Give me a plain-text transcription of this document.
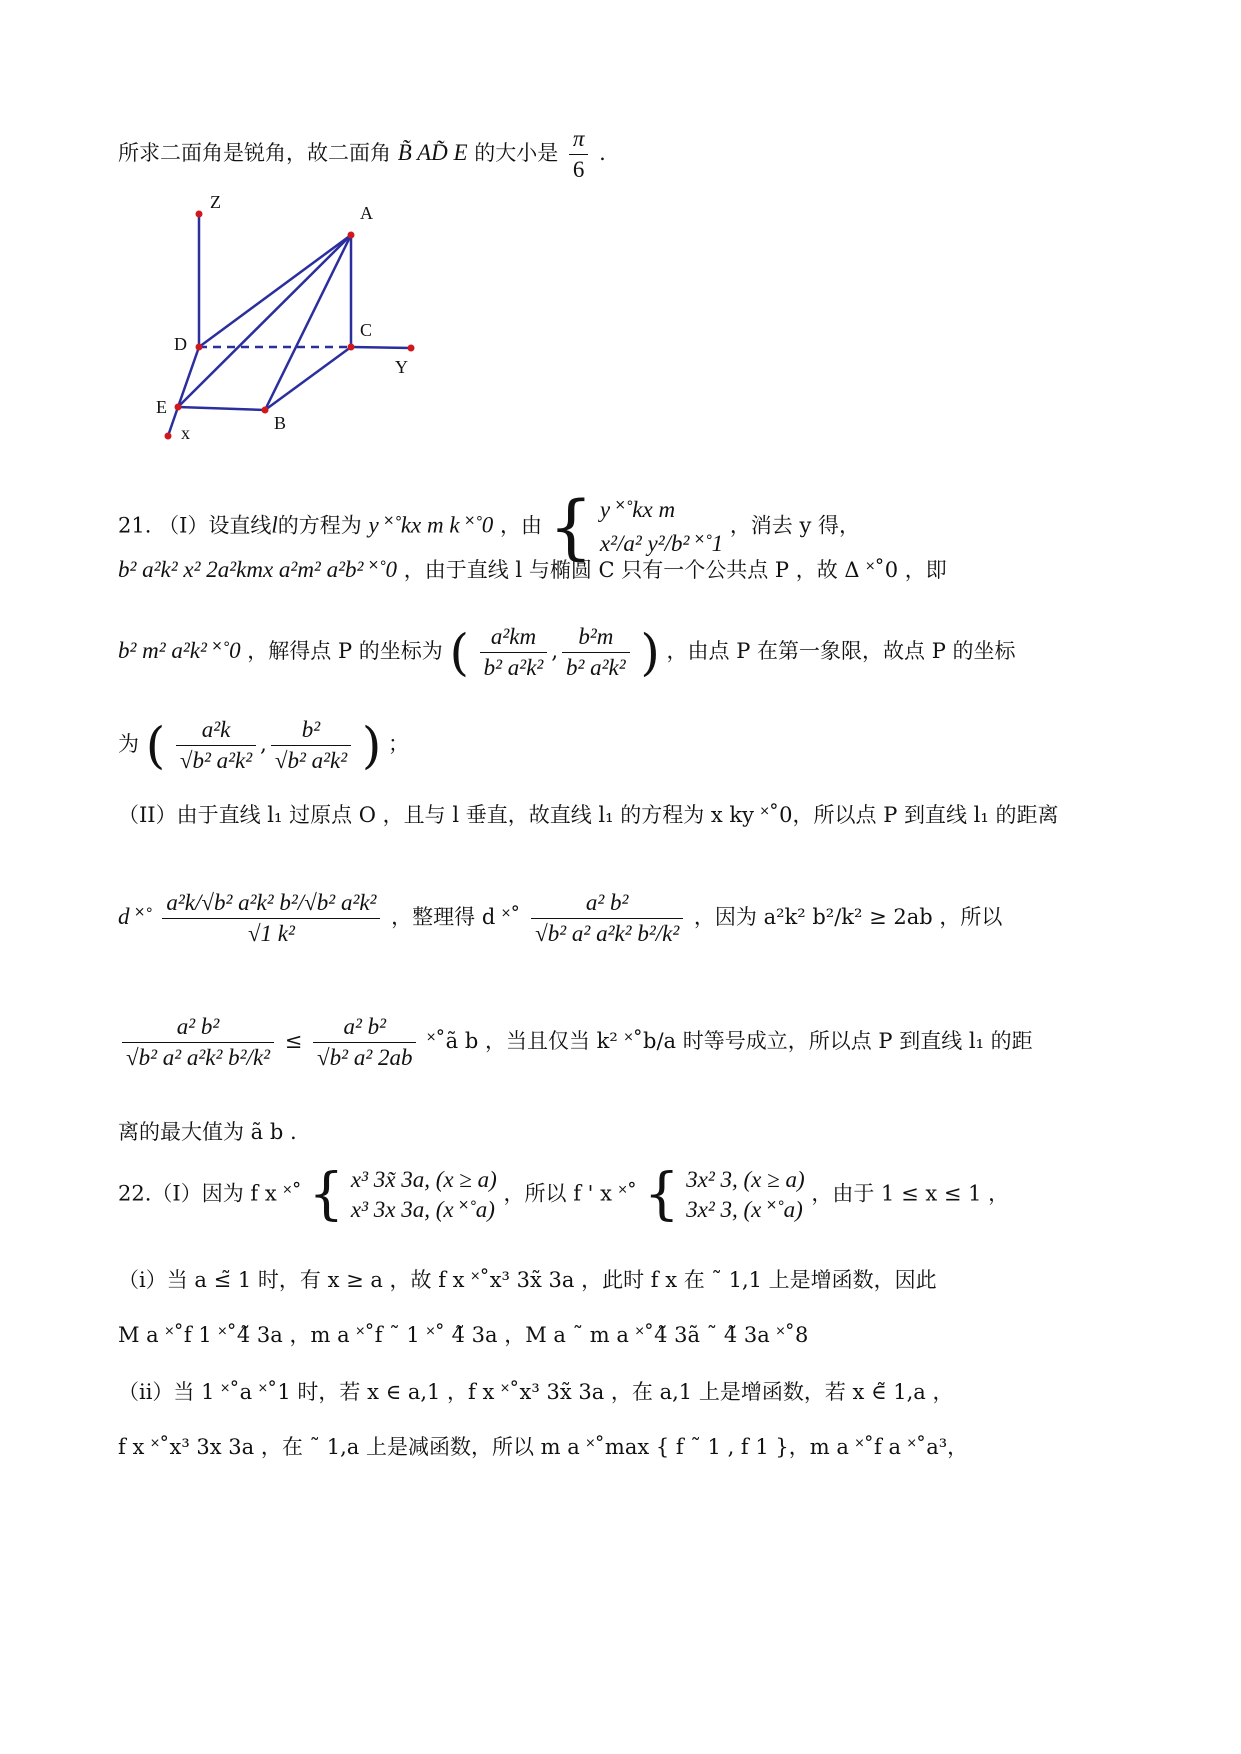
所求二面角是锐角，故二面角 B̃ AD̃ E 的大小是 $\frac{\pi}{6}$ .
Z
A
C
D
Y
E
B
x
21. （I）设直线l的方程为 y ˟˚kx m k ˟˚0 ，由 { y ˟˚kx m
x²/a² y²/b² ˟˚1
，消去 y 得，
b² a²k² x² 2a²kmx a²m² a²b² ˟˚0 ，由于直线 l 与椭圆 C 只有一个公共点 P ，故 Δ ˟˚0 ，即
b² m² a²k² ˟˚0 ，解得点 P 的坐标为 ( $\frac{\text{a²km}}{\text{b² a²k²}}$ , $\frac{\text{b²m}}{\text{b² a²k²}}$ ) ，由点 P 在第一象限，故点 P 的坐标
为 ( $\frac{\text{a²k}}{\text{√b² a²k²}}$ , $\frac{\text{b²}}{\text{√b² a²k²}}$ ) ；
（II）由于直线 l₁ 过原点 O ，且与 l 垂直，故直线 l₁ 的方程为 x ky ˟˚0，所以点 P 到直线 l₁ 的距离
d ˟˚ $\frac{\text{a²k/√b² a²k² b²/√b² a²k²}}{\text{√1 k²}}$ ，整理得 d ˟˚ $\frac{\text{a² b²}}{\text{√b² a² a²k² b²/k²}}$ ，因为 a²k² b²/k² ≥ 2ab ，所以
$\frac{\text{a² b²}}{\text{√b² a² a²k² b²/k²}} \le \frac{\text{a² b²}}{\text{√b² a² 2ab}}$ ˟˚ã b ，当且仅当 k² ˟˚b/a 时等号成立，所以点 P 到直线 l₁ 的距
离的最大值为 ã b .
22.（I）因为 f x ˟˚ { x³ 3x̃ 3a, (x ≥ a)
x³ 3x 3a, (x ˟˚a)
，所以 f ' x ˟˚ { 3x² 3, (x ≥ a)
3x² 3, (x ˟˚a)
，由于 1 ≤ x ≤ 1 ，
（i）当 a ≤̃ 1 时，有 x ≥ a ，故 f x ˟˚x³ 3x̃ 3a ，此时 f x 在 ˜ 1,1 上是增函数，因此
M a ˟˚f 1 ˟˚4̃ 3a ，m a ˟˚f ˜ 1 ˟˚ 4̃ 3a ，M a ˜ m a ˟˚4̃ 3ã ˜ 4̃ 3a ˟˚8
（ii）当 1 ˟˚a ˟˚1 时，若 x ∈ a,1 ，f x ˟˚x³ 3x̃ 3a ，在 a,1 上是增函数，若 x ∈̃ 1,a ，
f x ˟˚x³ 3x 3a ，在 ˜ 1,a 上是减函数，所以 m a ˟˚max { f ˜ 1 , f 1 }，m a ˟˚f a ˟˚a³，
